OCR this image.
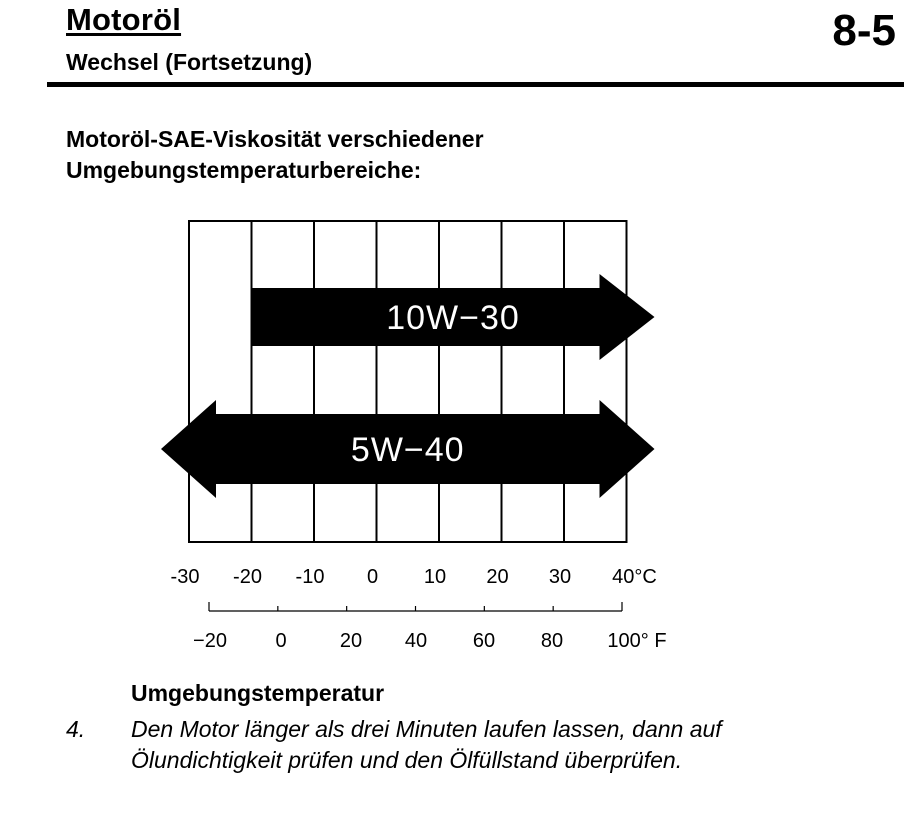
Motoröl
Wechsel (Fortsetzung)
8-5
Motoröl-SAE-Viskosität verschiedener
Umgebungstemperaturbereiche:
10W−30
5W−40
-30 -20 -10 0 10 20 30 40°C
−20 0	20 40 60 80 100° F
Umgebungstemperatur
4. Den Motor länger als drei Minuten laufen lassen, dann auf Ölundichtigkeit prüfen und den Ölfüllstand überprüfen.
